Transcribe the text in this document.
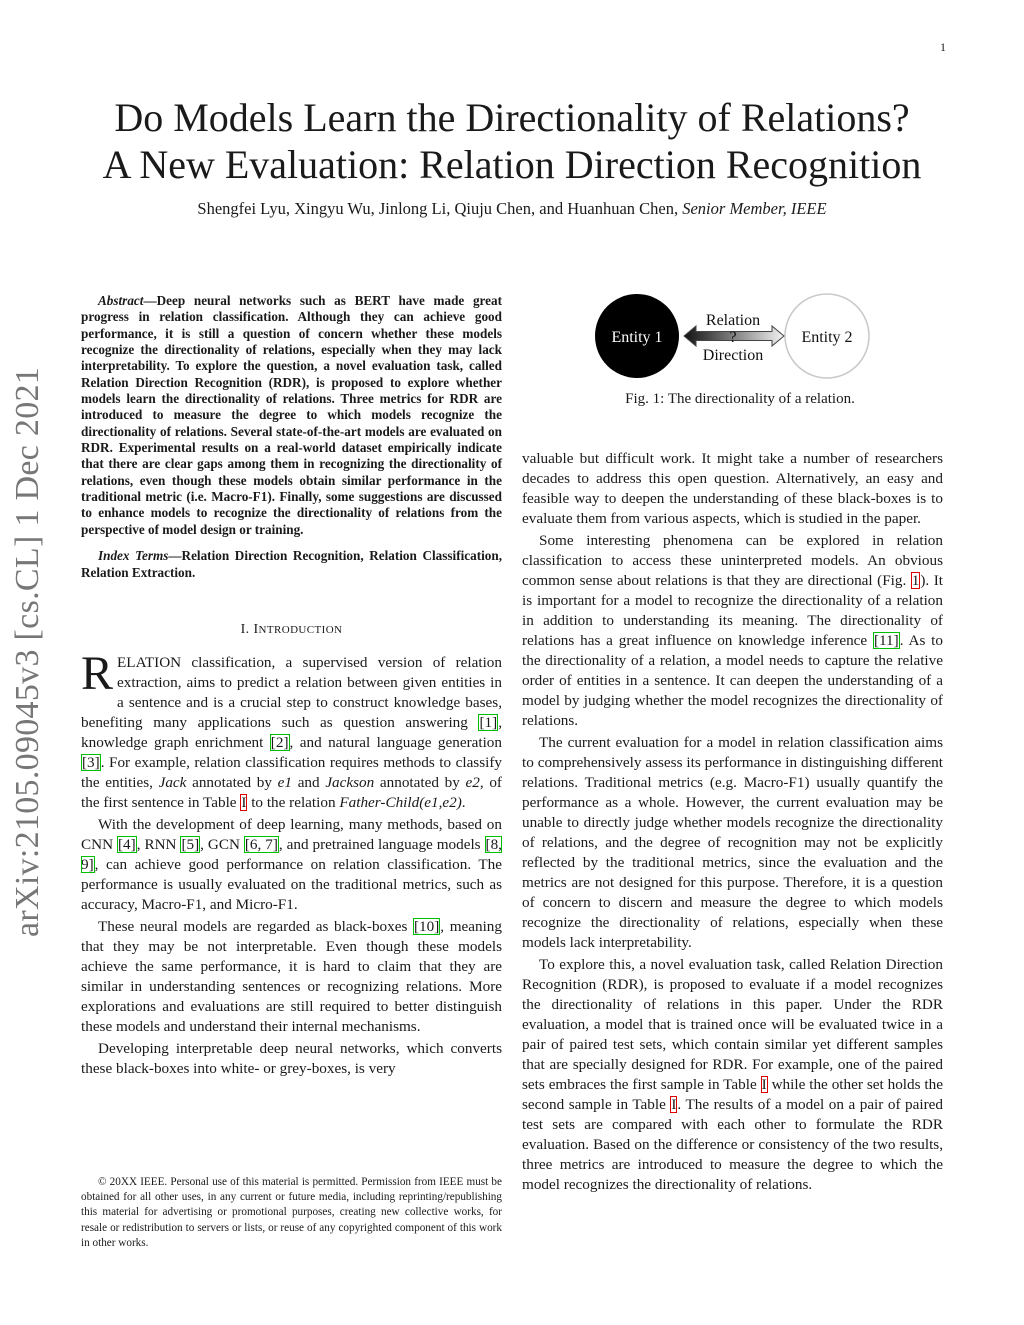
1
arXiv:2105.09045v3 [cs.CL] 1 Dec 2021
Do Models Learn the Directionality of Relations?
A New Evaluation: Relation Direction Recognition
Shengfei Lyu, Xingyu Wu, Jinlong Li, Qiuju Chen, and Huanhuan Chen, Senior Member, IEEE

Abstract—Deep neural networks such as BERT have made great progress in relation classification. Although they can achieve good performance, it is still a question of concern whether these models recognize the directionality of relations, especially when they may lack interpretability. To explore the question, a novel evaluation task, called Relation Direction Recognition (RDR), is proposed to explore whether models learn the directionality of relations. Three metrics for RDR are introduced to measure the degree to which models recognize the directionality of relations. Several state-of-the-art models are evaluated on RDR. Experimental results on a real-world dataset empirically indicate that there are clear gaps among them in recognizing the directionality of relations, even though these models obtain similar performance in the traditional metric (i.e. Macro-F1). Finally, some suggestions are discussed to enhance models to recognize the directionality of relations from the perspective of model design or training.

Index Terms—Relation Direction Recognition, Relation Classification, Relation Extraction.

I. INTRODUCTION

RELATION classification, a supervised version of relation extraction, aims to predict a relation between given entities in a sentence and is a crucial step to construct knowledge bases, benefiting many applications such as question answering [1], knowledge graph enrichment [2], and natural language generation [3]. For example, relation classification requires methods to classify the entities, Jack annotated by e1 and Jackson annotated by e2, of the first sentence in Table I to the relation Father-Child(e1,e2).

With the development of deep learning, many methods, based on CNN [4], RNN [5], GCN [6, 7], and pretrained language models [8, 9], can achieve good performance on relation classification. The performance is usually evaluated on the traditional metrics, such as accuracy, Macro-F1, and Micro-F1.

These neural models are regarded as black-boxes [10], meaning that they may be not interpretable. Even though these models achieve the same performance, it is hard to claim that they are similar in understanding sentences or recognizing relations. More explorations and evaluations are still required to better distinguish these models and understand their internal mechanisms.

Developing interpretable deep neural networks, which converts these black-boxes into white- or grey-boxes, is very

© 20XX IEEE. Personal use of this material is permitted. Permission from IEEE must be obtained for all other uses, in any current or future media, including reprinting/republishing this material for advertising or promotional purposes, creating new collective works, for resale or redistribution to servers or lists, or reuse of any copyrighted component of this work in other works.

Entity 1	Entity 2
Relation
?
Direction
Fig. 1: The directionality of a relation.

valuable but difficult work. It might take a number of researchers decades to address this open question. Alternatively, an easy and feasible way to deepen the understanding of these black-boxes is to evaluate them from various aspects, which is studied in the paper.

Some interesting phenomena can be explored in relation classification to access these uninterpreted models. An obvious common sense about relations is that they are directional (Fig. 1). It is important for a model to recognize the directionality of a relation in addition to understanding its meaning. The directionality of relations has a great influence on knowledge inference [11]. As to the directionality of a relation, a model needs to capture the relative order of entities in a sentence. It can deepen the understanding of a model by judging whether the model recognizes the directionality of relations.

The current evaluation for a model in relation classification aims to comprehensively assess its performance in distinguishing different relations. Traditional metrics (e.g. Macro-F1) usually quantify the performance as a whole. However, the current evaluation may be unable to directly judge whether models recognize the directionality of relations, and the degree of recognition may not be explicitly reflected by the traditional metrics, since the evaluation and the metrics are not designed for this purpose. Therefore, it is a question of concern to discern and measure the degree to which models recognize the directionality of relations, especially when these models lack interpretability.

To explore this, a novel evaluation task, called Relation Direction Recognition (RDR), is proposed to evaluate if a model recognizes the directionality of relations in this paper. Under the RDR evaluation, a model that is trained once will be evaluated twice in a pair of paired test sets, which contain similar yet different samples that are specially designed for RDR. For example, one of the paired sets embraces the first sample in Table I while the other set holds the second sample in Table I. The results of a model on a pair of paired test sets are compared with each other to formulate the RDR evaluation. Based on the difference or consistency of the two results, three metrics are introduced to measure the degree to which the model recognizes the directionality of relations.
